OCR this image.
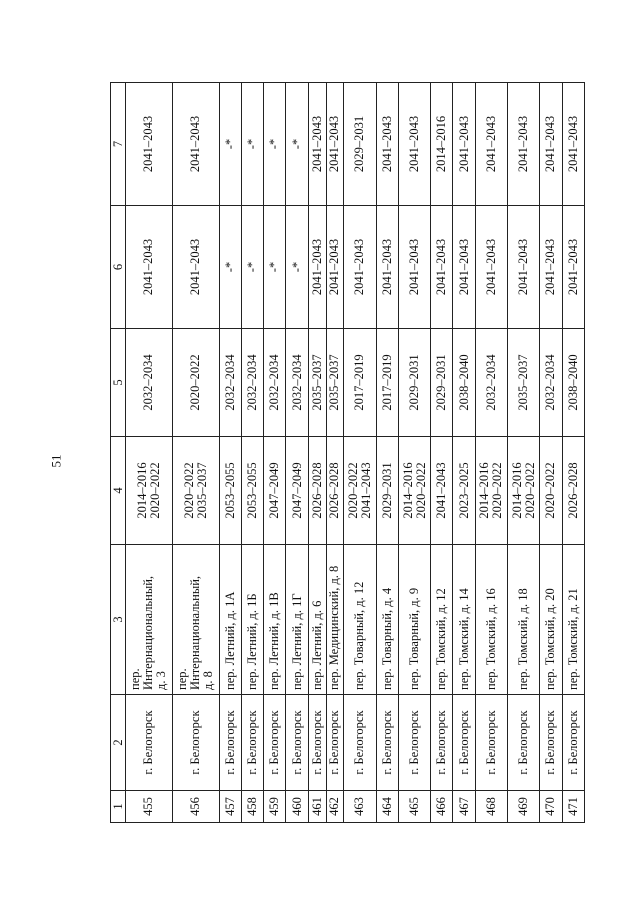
51
1	2	3	4	5	6	7
455	г. Белогорск	пер. Интернациональный, д. 3	2014–2016 2020–2022	2032–2034	2041–2043	2041–2043

456	г. Белогорск	пер. Интернациональный, д. 8	2020–2022 2035–2037	2020–2022	2041–2043	2041–2043

457	г. Белогорск	пер. Летний, д. 1А	2053–2055	2032–2034	-*	-*

458	г. Белогорск	пер. Летний, д. 1Б	2053–2055	2032–2034	-*	-*

459	г. Белогорск	пер. Летний, д. 1В	2047–2049	2032–2034	-*	-*

460	г. Белогорск	пер. Летний, д. 1Г	2047–2049	2032–2034	-*	-*

461	г. Белогорск	пер. Летний, д. 6	2026–2028	2035–2037	2041–2043	2041–2043

462	г. Белогорск	пер. Медицинский, д. 8	2026–2028	2035–2037	2041–2043	2041–2043

463	г. Белогорск	пер. Товарный, д. 12	2020–2022 2041–2043	2017–2019	2041–2043	2029–2031

464	г. Белогорск	пер. Товарный, д. 4	2029–2031	2017–2019	2041–2043	2041–2043

465	г. Белогорск	пер. Товарный, д. 9	2014–2016 2020–2022	2029–2031	2041–2043	2041–2043

466	г. Белогорск	пер. Томский, д. 12	2041–2043	2029–2031	2041–2043	2014–2016

467	г. Белогорск	пер. Томский, д. 14	2023–2025	2038–2040	2041–2043	2041–2043

468	г. Белогорск	пер. Томский, д. 16	2014–2016 2020–2022	2032–2034	2041–2043	2041–2043

469	г. Белогорск	пер. Томский, д. 18	2014–2016 2020–2022	2035–2037	2041–2043	2041–2043

470	г. Белогорск	пер. Томский, д. 20	2020–2022	2032–2034	2041–2043	2041–2043

471	г. Белогорск	пер. Томский, д. 21	2026–2028	2038–2040	2041–2043	2041–2043
